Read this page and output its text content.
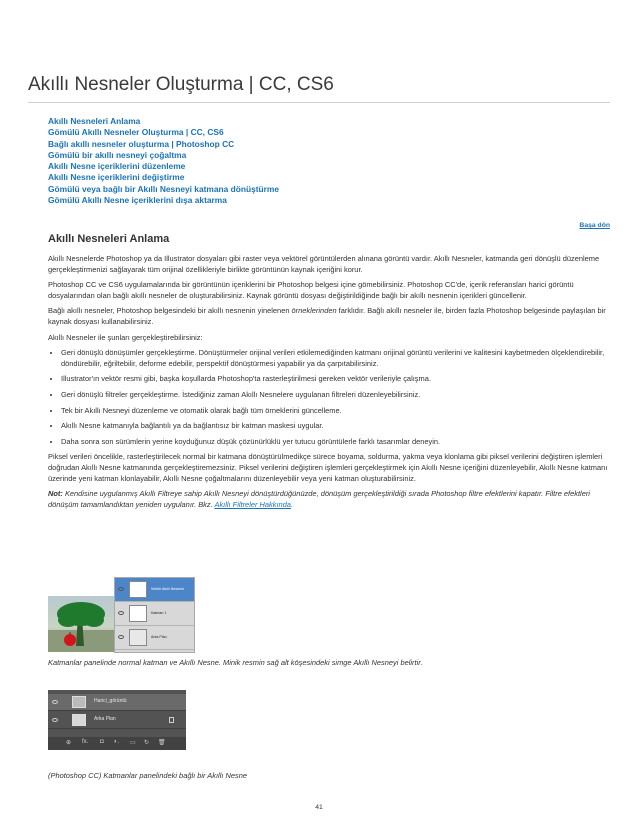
Akıllı Nesneler Oluşturma | CC, CS6
Akıllı Nesneleri Anlama
Gömülü Akıllı Nesneler Oluşturma | CC, CS6
Bağlı akıllı nesneler oluşturma | Photoshop CC
Gömülü bir akıllı nesneyi çoğaltma
Akıllı Nesne içeriklerini düzenleme
Akıllı Nesne içeriklerini değiştirme
Gömülü veya bağlı bir Akıllı Nesneyi katmana dönüştürme
Gömülü Akıllı Nesne içeriklerini dışa aktarma
Başa dön
Akıllı Nesneleri Anlama

Akıllı Nesnelerde Photoshop ya da Illustrator dosyaları gibi raster veya vektörel görüntülerden alınana görüntü vardır. Akıllı Nesneler, katmanda geri dönüşlü düzenleme gerçekleştirmenizi sağlayarak tüm orijinal özellikleriyle birlikte görüntünün kaynak içeriğini korur.

Photoshop CC ve CS6 uygulamalarında bir görüntünün içeriklerini bir Photoshop belgesi içine gömebilirsiniz. Photoshop CC'de, içerik referansları harici görüntü dosyalarından olan bağlı akıllı nesneler de oluşturabilirsiniz. Kaynak görüntü dosyası değiştirildiğinde bağlı bir akıllı nesnenin içerikleri güncellenir.

Bağlı akıllı nesneler, Photoshop belgesindeki bir akıllı nesnenin yinelenen örneklerinden farklıdır. Bağlı akıllı nesneler ile, birden fazla Photoshop belgesinde paylaşılan bir kaynak dosyası kullanabilirsiniz.

Akıllı Nesneler ile şunları gerçekleştirebilirsiniz:

• Geri dönüşlü dönüşümler gerçekleştirme. Dönüştürmeler orijinal verileri etkilemediğinden katmanı orijinal görüntü verilerini ve kalitesini kaybetmeden ölçeklendirebilir, döndürebilir, eğriltebilir, deforme edebilir, perspektif dönüştürmesi yapabilir ya da çarpıtabilirsiniz.
• Illustrator'ın vektör resmi gibi, başka koşullarda Photoshop'ta rasterleştirilmesi gereken vektör verileriyle çalışma.
• Geri dönüşlü filtreler gerçekleştirme. İstediğiniz zaman Akıllı Nesnelere uygulanan filtreleri düzenleyebilirsiniz.
• Tek bir Akıllı Nesneyi düzenleme ve otomatik olarak bağlı tüm örneklerini güncelleme.
• Akıllı Nesne katmanıyla bağlantılı ya da bağlantısız bir katman maskesi uygular.
• Daha sonra son sürümlerin yerine koyduğunuz düşük çözünürlüklü yer tutucu görüntülerle farklı tasarımlar deneyin.

Piksel verileri öncelikle, rasterleştirilecek normal bir katmana dönüştürülmedikçe sürece boyama, soldurma, yakma veya klonlama gibi piksel verilerini değiştiren işlemleri doğrudan Akıllı Nesne katmanında gerçekleştiremezsiniz. Piksel verilerini değiştiren işlemleri gerçekleştirmek için Akıllı Nesne içeriğini düzenleyebilir, Akıllı Nesne katmanı üzerinde yeni katman klonlayabilir, Akıllı Nesne çoğaltmalarını düzenleyebilir veya yeni katman oluşturabilirsiniz.

Not: Kendisine uygulanmış Akıllı Filtreye sahip Akıllı Nesneyi dönüştürdüğünüzde, dönüşüm gerçekleştirildiği sırada Photoshop filtre efektlerini kapatır. Filtre efektleri dönüşüm tamamlandıktan yeniden uygulanır. Bkz. Akıllı Filtreler Hakkında.

Vektör Akıllı Nesnesi
Katman 1
Arka Plan
Katmanlar panelinde normal katman ve Akıllı Nesne. Minik resmin sağ alt köşesindeki simge Akıllı Nesneyi belirtir.
Harici_görüntü
Arka Plan
⊕ fx. ◘ ◐. ▭ ↻ 🗑
(Photoshop CC) Katmanlar panelindeki bağlı bir Akıllı Nesne
41
